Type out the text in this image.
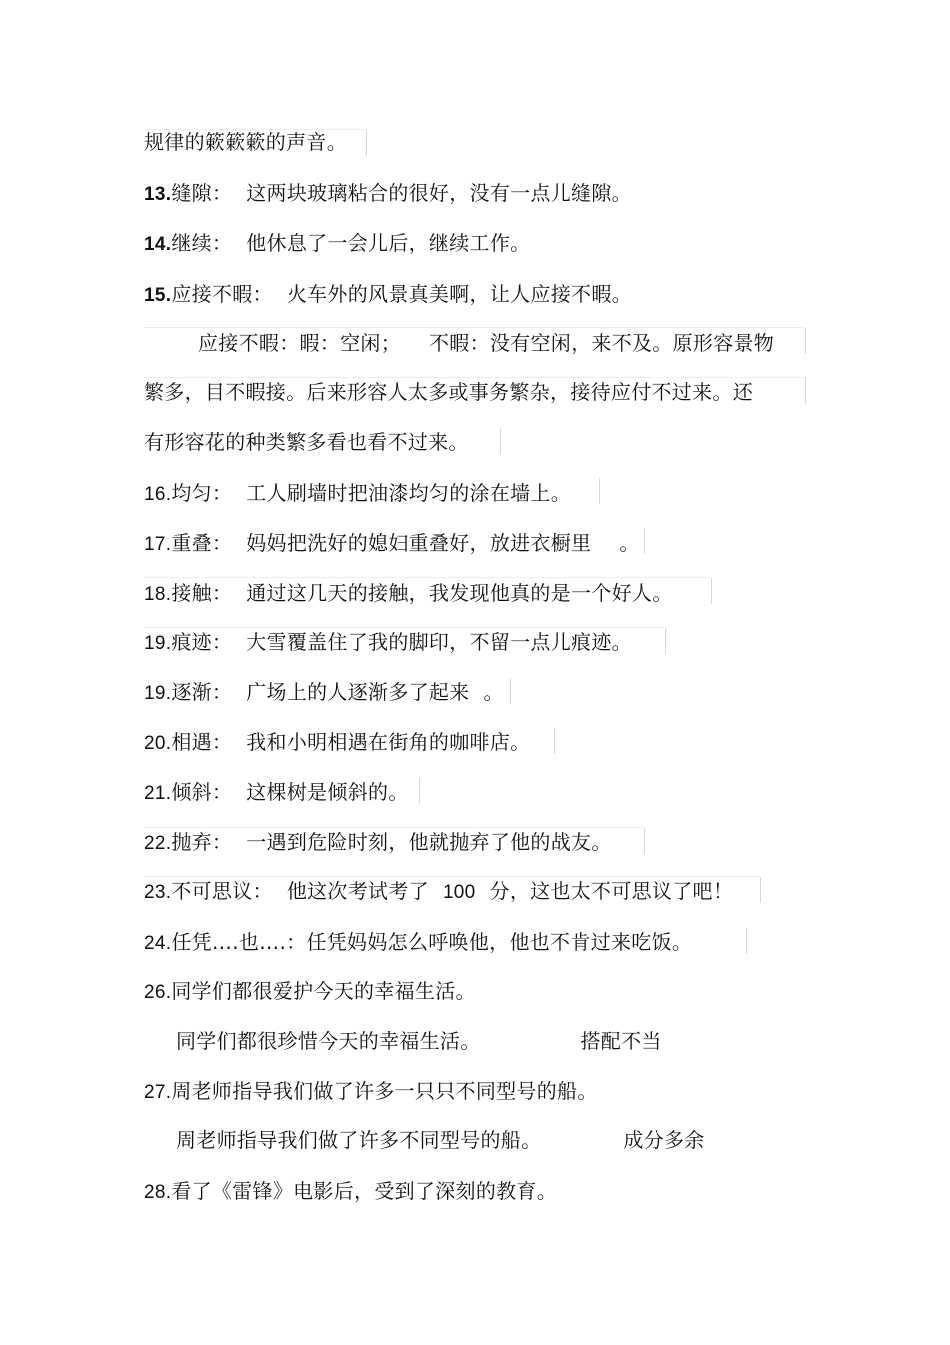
规律的簌簌簌的声音。
13.缝隙： 这两块玻璃粘合的很好，没有一点儿缝隙。
14.继续： 他休息了一会儿后，继续工作。
15.应接不暇： 火车外的风景真美啊，让人应接不暇。
应接不暇：暇：空闲； 不暇：没有空闲，来不及。原形容景物
繁多，目不暇接。后来形容人太多或事务繁杂，接待应付不过来。还
有形容花的种类繁多看也看不过来。
16.均匀： 工人刷墙时把油漆均匀的涂在墙上。
17.重叠： 妈妈把洗好的媳妇重叠好，放进衣橱里 。
18.接触： 通过这几天的接触，我发现他真的是一个好人。
19.痕迹： 大雪覆盖住了我的脚印，不留一点儿痕迹。
19.逐渐： 广场上的人逐渐多了起来 。
20.相遇： 我和小明相遇在街角的咖啡店。
21.倾斜： 这棵树是倾斜的。
22.抛弃： 一遇到危险时刻，他就抛弃了他的战友。
23.不可思议： 他这次考试考了 100 分，这也太不可思议了吧！
24.任凭….也….：任凭妈妈怎么呼唤他，他也不肯过来吃饭。
26.同学们都很爱护今天的幸福生活。
同学们都很珍惜今天的幸福生活。	搭配不当
27.周老师指导我们做了许多一只只不同型号的船。
周老师指导我们做了许多不同型号的船。	成分多余
28.看了《雷锋》电影后，受到了深刻的教育。
